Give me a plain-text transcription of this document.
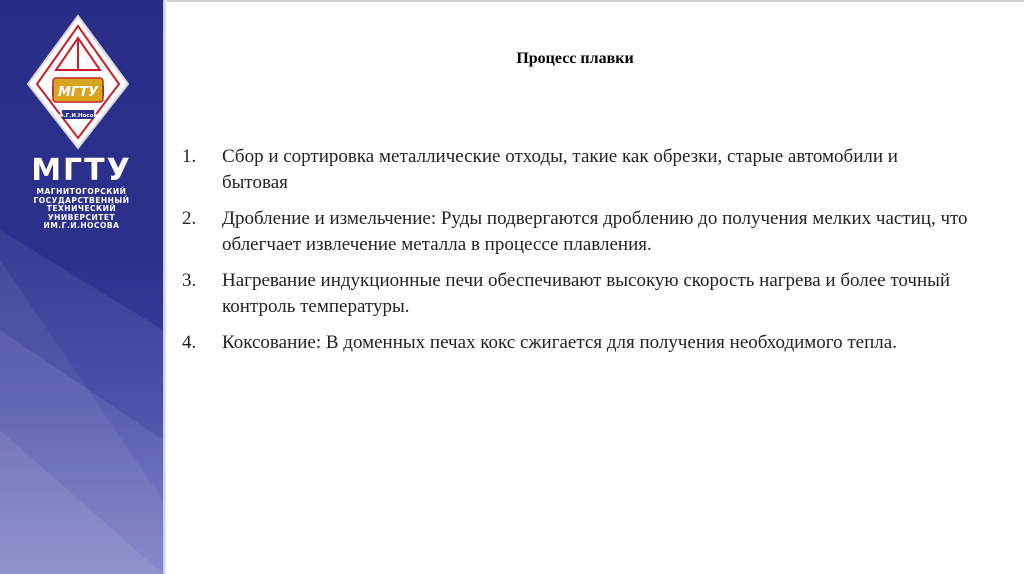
МГТУ
им.Г.И.Носова
МГТУ
МАГНИТОГОРСКИЙ
ГОСУДАРСТВЕННЫЙ
ТЕХНИЧЕСКИЙ
УНИВЕРСИТЕТ
ИМ.Г.И.НОСОВА
Процесс плавки
1. Сбор и сортировка металлические отходы, такие как обрезки, старые автомобили и бытовая
2. Дробление и измельчение: Руды подвергаются дроблению до получения мелких частиц, что облегчает извлечение металла в процессе плавления.
3. Нагревание индукционные печи обеспечивают высокую скорость нагрева и более точный контроль температуры.
4. Коксование: В доменных печах кокс сжигается для получения необходимого тепла.
